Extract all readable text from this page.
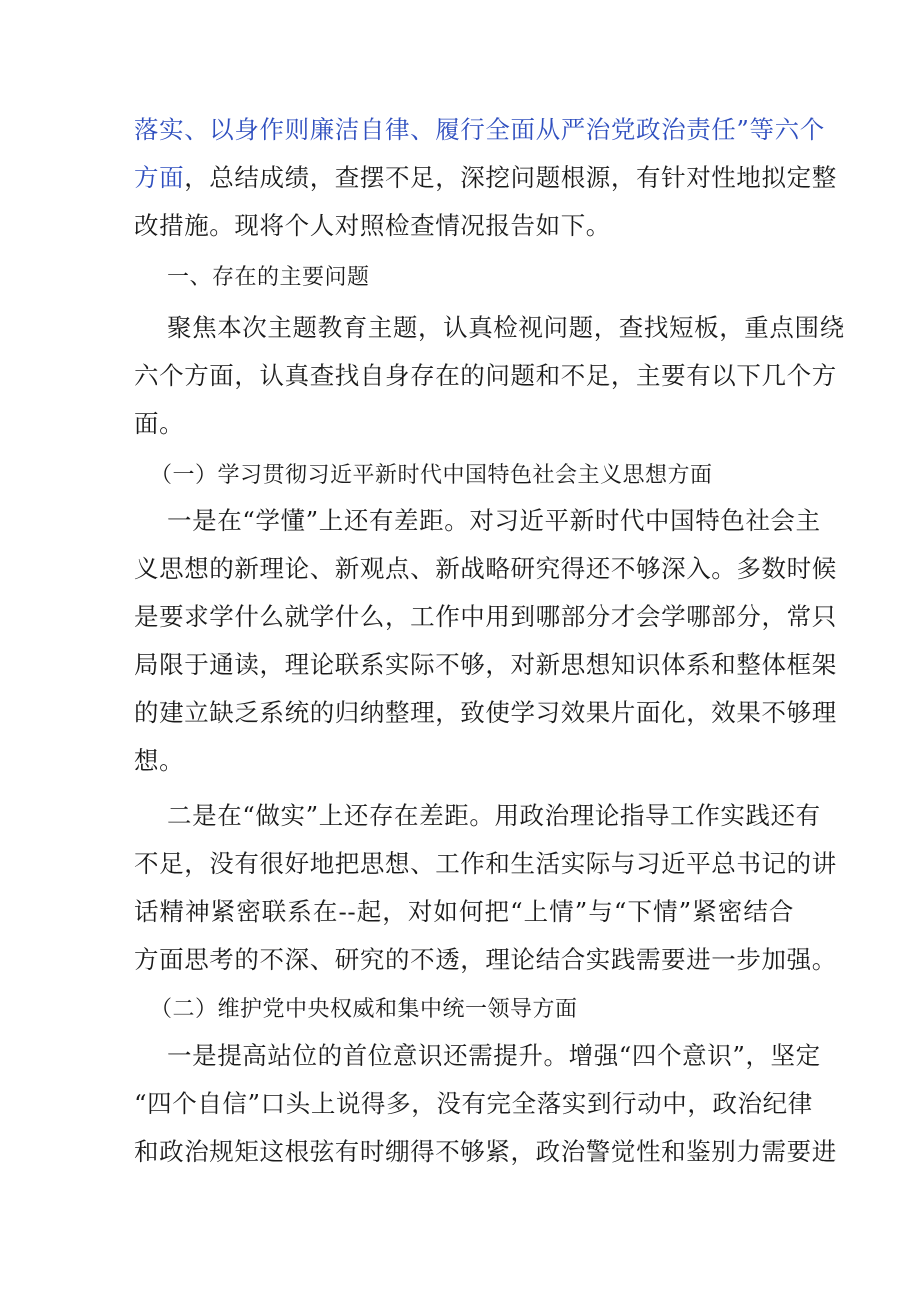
落实、以身作则廉洁自律、履行全面从严治党政治责任”等六个
方面，总结成绩，查摆不足，深挖问题根源，有针对性地拟定整
改措施。现将个人对照检查情况报告如下。

一、存在的主要问题

聚焦本次主题教育主题，认真检视问题，查找短板，重点围绕
六个方面，认真查找自身存在的问题和不足，主要有以下几个方
面。

（一）学习贯彻习近平新时代中国特色社会主义思想方面

一是在“学懂”上还有差距。对习近平新时代中国特色社会主
义思想的新理论、新观点、新战略研究得还不够深入。多数时候
是要求学什么就学什么，工作中用到哪部分才会学哪部分，常只
局限于通读，理论联系实际不够，对新思想知识体系和整体框架
的建立缺乏系统的归纳整理，致使学习效果片面化，效果不够理
想。

二是在“做实”上还存在差距。用政治理论指导工作实践还有
不足，没有很好地把思想、工作和生活实际与习近平总书记的讲
话精神紧密联系在--起，对如何把“上情”与“下情”紧密结合
方面思考的不深、研究的不透，理论结合实践需要进一步加强。

（二）维护党中央权威和集中统一领导方面

一是提高站位的首位意识还需提升。增强“四个意识”，坚定
“四个自信”口头上说得多，没有完全落实到行动中，政治纪律
和政治规矩这根弦有时绷得不够紧，政治警觉性和鉴别力需要进
